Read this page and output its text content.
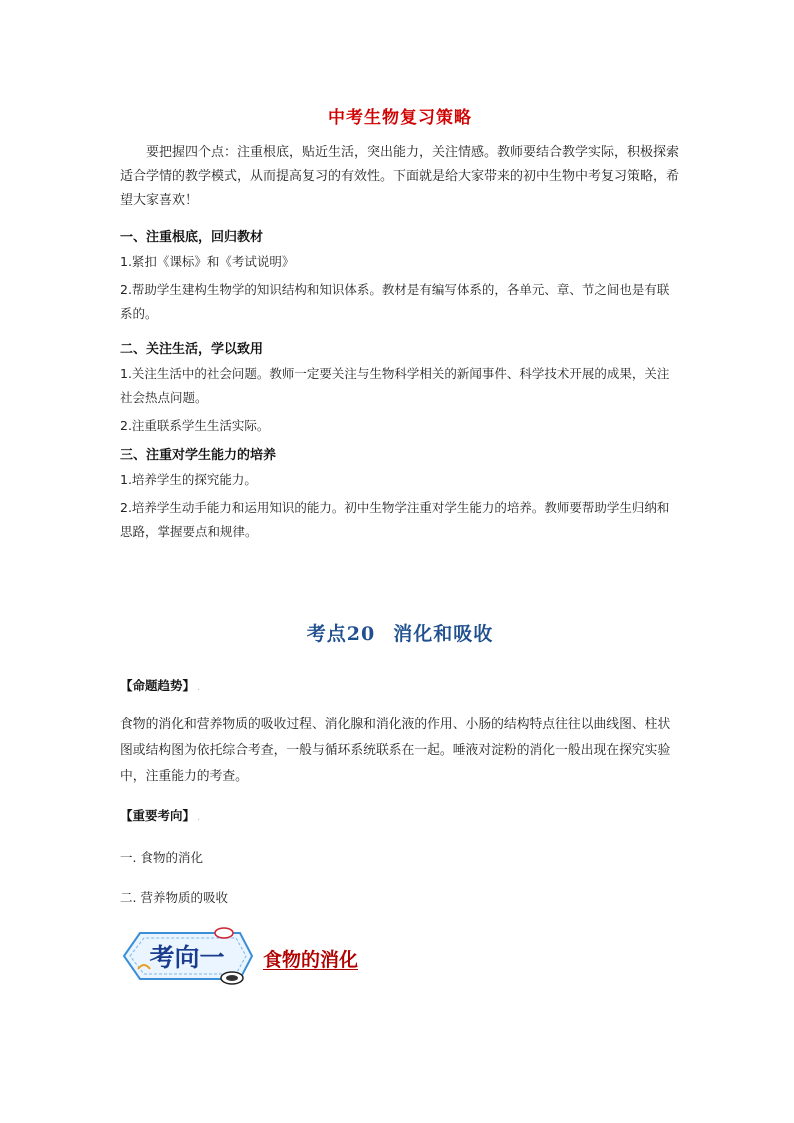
中考生物复习策略
要把握四个点：注重根底，贴近生活，突出能力，关注情感。教师要结合教学实际，积极探索适合学情的教学模式，从而提高复习的有效性。下面就是给大家带来的初中生物中考复习策略，希望大家喜欢！
一、注重根底，回归教材
1.紧扣《课标》和《考试说明》
2.帮助学生建构生物学的知识结构和知识体系。教材是有编写体系的，各单元、章、节之间也是有联系的。
二、关注生活，学以致用
1.关注生活中的社会问题。教师一定要关注与生物科学相关的新闻事件、科学技术开展的成果，关注社会热点问题。
2.注重联系学生生活实际。
三、注重对学生能力的培养
1.培养学生的探究能力。
2.培养学生动手能力和运用知识的能力。初中生物学注重对学生能力的培养。教师要帮助学生归纳和思路，掌握要点和规律。
考点20 消化和吸收
【命题趋势】 .
食物的消化和营养物质的吸收过程、消化腺和消化液的作用、小肠的结构特点往往以曲线图、柱状图或结构图为依托综合考查，一般与循环系统联系在一起。唾液对淀粉的消化一般出现在探究实验中，注重能力的考查。
【重要考向】 .
一. 食物的消化
二. 营养物质的吸收
考向一 食物的消化
